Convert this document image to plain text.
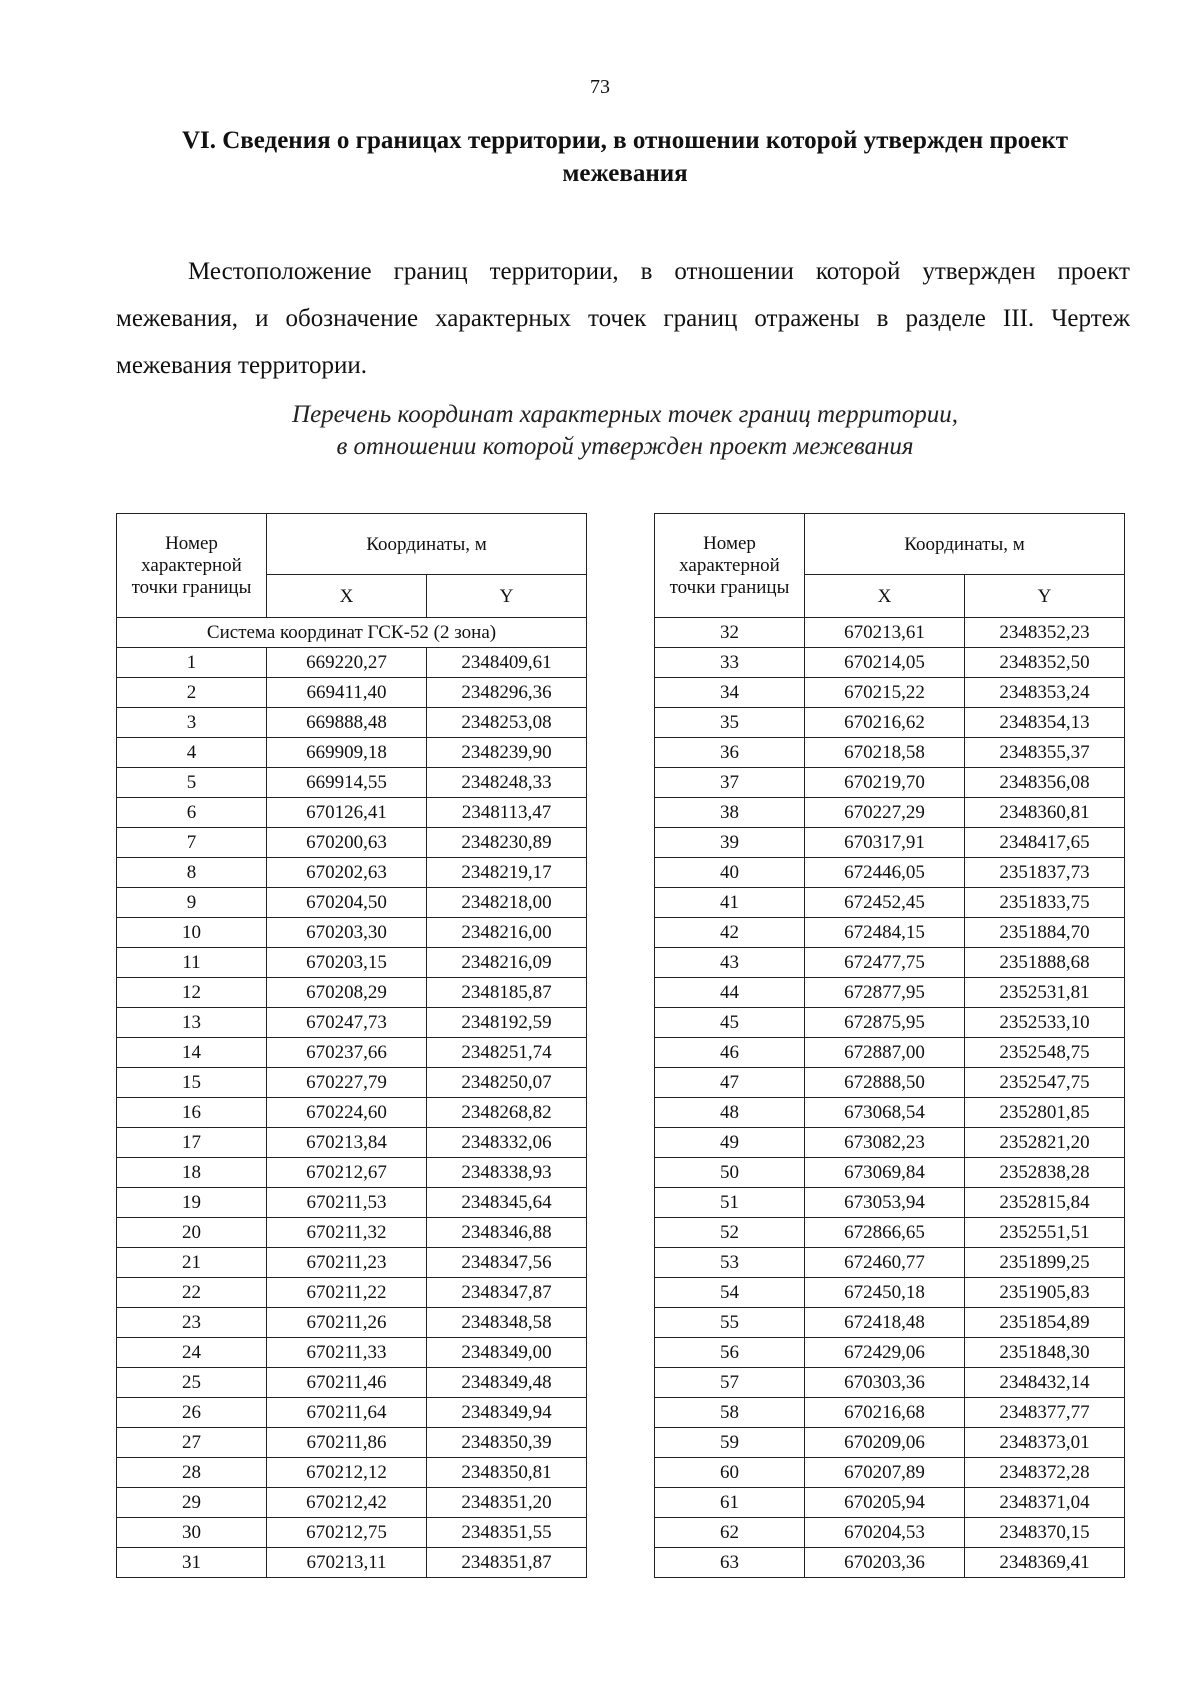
73
VI. Сведения о границах территории, в отношении которой утвержден проект межевания
Местоположение границ территории, в отношении которой утвержден проект межевания, и обозначение характерных точек границ отражены в разделе III. Чертеж межевания территории.
Перечень координат характерных точек границ территории,
в отношении которой утвержден проект межевания
Номер характерной точки границы	Координаты, м	
	X	Y
Система координат ГСК-52 (2 зона)		
1	669220,27	2348409,61
2	669411,40	2348296,36
3	669888,48	2348253,08
4	669909,18	2348239,90
5	669914,55	2348248,33
6	670126,41	2348113,47
7	670200,63	2348230,89
8	670202,63	2348219,17
9	670204,50	2348218,00
10	670203,30	2348216,00
11	670203,15	2348216,09
12	670208,29	2348185,87
13	670247,73	2348192,59
14	670237,66	2348251,74
15	670227,79	2348250,07
16	670224,60	2348268,82
17	670213,84	2348332,06
18	670212,67	2348338,93
19	670211,53	2348345,64
20	670211,32	2348346,88
21	670211,23	2348347,56
22	670211,22	2348347,87
23	670211,26	2348348,58
24	670211,33	2348349,00
25	670211,46	2348349,48
26	670211,64	2348349,94
27	670211,86	2348350,39
28	670212,12	2348350,81
29	670212,42	2348351,20
30	670212,75	2348351,55
31	670213,11	2348351,87
Номер характерной точки границы	Координаты, м	
	X	Y
32	670213,61	2348352,23
33	670214,05	2348352,50
34	670215,22	2348353,24
35	670216,62	2348354,13
36	670218,58	2348355,37
37	670219,70	2348356,08
38	670227,29	2348360,81
39	670317,91	2348417,65
40	672446,05	2351837,73
41	672452,45	2351833,75
42	672484,15	2351884,70
43	672477,75	2351888,68
44	672877,95	2352531,81
45	672875,95	2352533,10
46	672887,00	2352548,75
47	672888,50	2352547,75
48	673068,54	2352801,85
49	673082,23	2352821,20
50	673069,84	2352838,28
51	673053,94	2352815,84
52	672866,65	2352551,51
53	672460,77	2351899,25
54	672450,18	2351905,83
55	672418,48	2351854,89
56	672429,06	2351848,30
57	670303,36	2348432,14
58	670216,68	2348377,77
59	670209,06	2348373,01
60	670207,89	2348372,28
61	670205,94	2348371,04
62	670204,53	2348370,15
63	670203,36	2348369,41
